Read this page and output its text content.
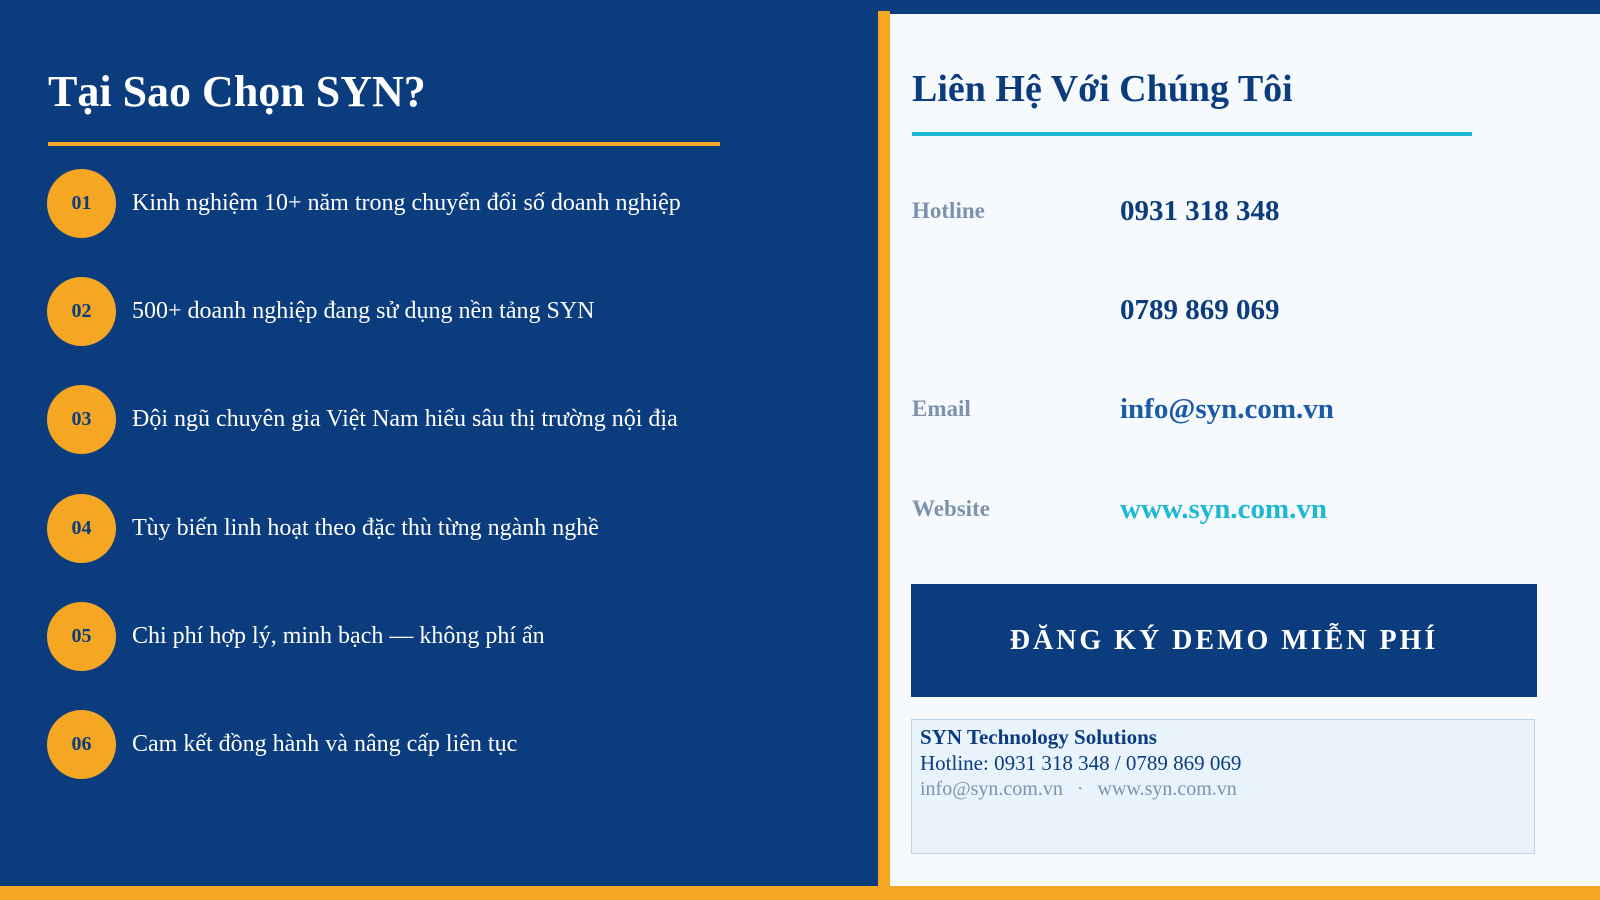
Tại Sao Chọn SYN?
01	Kinh nghiệm 10+ năm trong chuyển đổi số doanh nghiệp
02	500+ doanh nghiệp đang sử dụng nền tảng SYN
03	Đội ngũ chuyên gia Việt Nam hiểu sâu thị trường nội địa
04	Tùy biến linh hoạt theo đặc thù từng ngành nghề
05	Chi phí hợp lý, minh bạch — không phí ẩn
06	Cam kết đồng hành và nâng cấp liên tục
Liên Hệ Với Chúng Tôi
Hotline	0931 318 348
0789 869 069
Email	info@syn.com.vn
Website	www.syn.com.vn
ĐĂNG KÝ DEMO MIỄN PHÍ
SYN Technology Solutions
Hotline: 0931 318 348 / 0789 869 069
info@syn.com.vn · www.syn.com.vn
